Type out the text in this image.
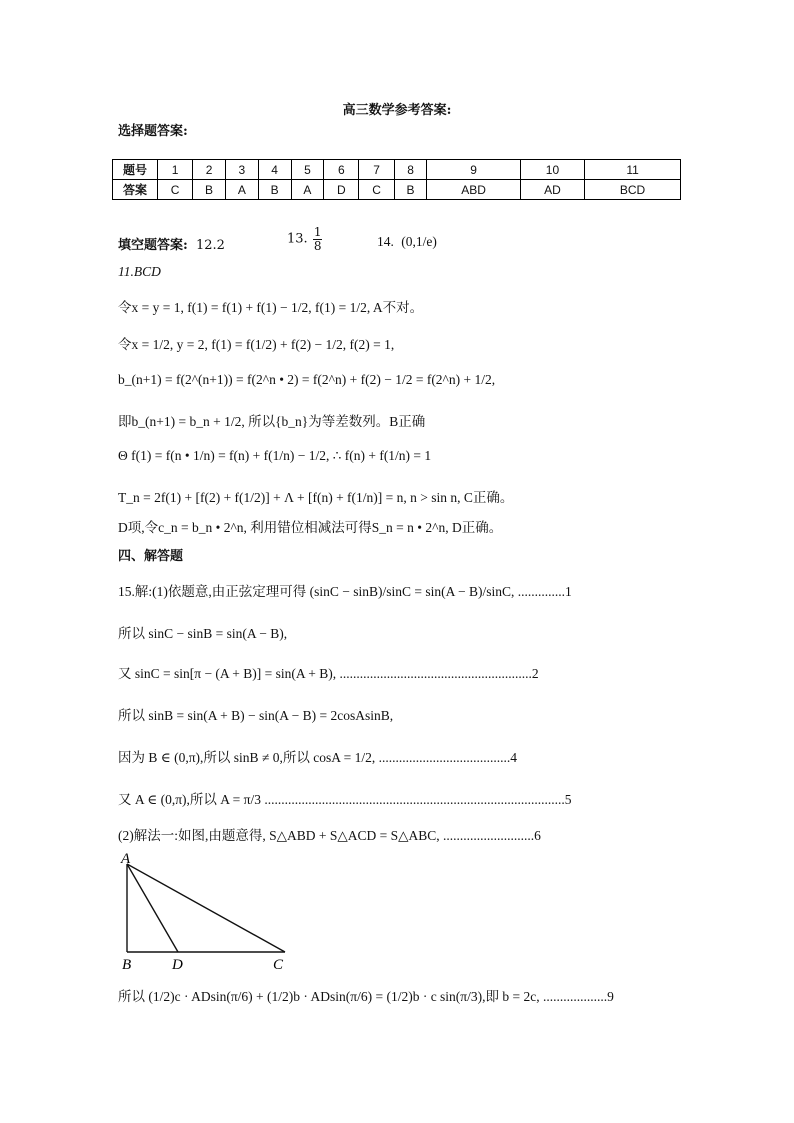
高三数学参考答案:
选择题答案:
题号	1	2	3	4	5	6	7	8	9	10	11
答案	C	B	A	B	A	D	C	B	ABD	AD	BCD
填空题答案: 12.2	13. $\frac{1}{8}$	14. (0,1/e)
11.BCD
令x = y = 1, f(1) = f(1) + f(1) − 1/2, f(1) = 1/2, A不对。
令x = 1/2, y = 2, f(1) = f(1/2) + f(2) − 1/2, f(2) = 1,
b_(n+1) = f(2^(n+1)) = f(2^n • 2) = f(2^n) + f(2) − 1/2 = f(2^n) + 1/2,
即b_(n+1) = b_n + 1/2, 所以{b_n}为等差数列。B正确
Θ f(1) = f(n • 1/n) = f(n) + f(1/n) − 1/2, ∴ f(n) + f(1/n) = 1
T_n = 2f(1) + [f(2) + f(1/2)] + Λ + [f(n) + f(1/n)] = n, n > sin n, C正确。
D项,令c_n = b_n • 2^n, 利用错位相减法可得S_n = n • 2^n, D正确。
四、解答题
15.解:(1)依题意,由正弦定理可得 (sinC − sinB)/sinC = sin(A − B)/sinC, ..............1
所以 sinC − sinB = sin(A − B),
又 sinC = sin[π − (A + B)] = sin(A + B), .........................................................2
所以 sinB = sin(A + B) − sin(A − B) = 2cosAsinB,
因为 B ∈ (0,π),所以 sinB ≠ 0,所以 cosA = 1/2, .......................................4
又 A ∈ (0,π),所以 A = π/3 .........................................................................................5
(2)解法一:如图,由题意得, S△ABD + S△ACD = S△ABC, ...........................6
A
B	D	C
所以 (1/2)c · ADsin(π/6) + (1/2)b · ADsin(π/6) = (1/2)b · c sin(π/3),即 b = 2c, ...................9
